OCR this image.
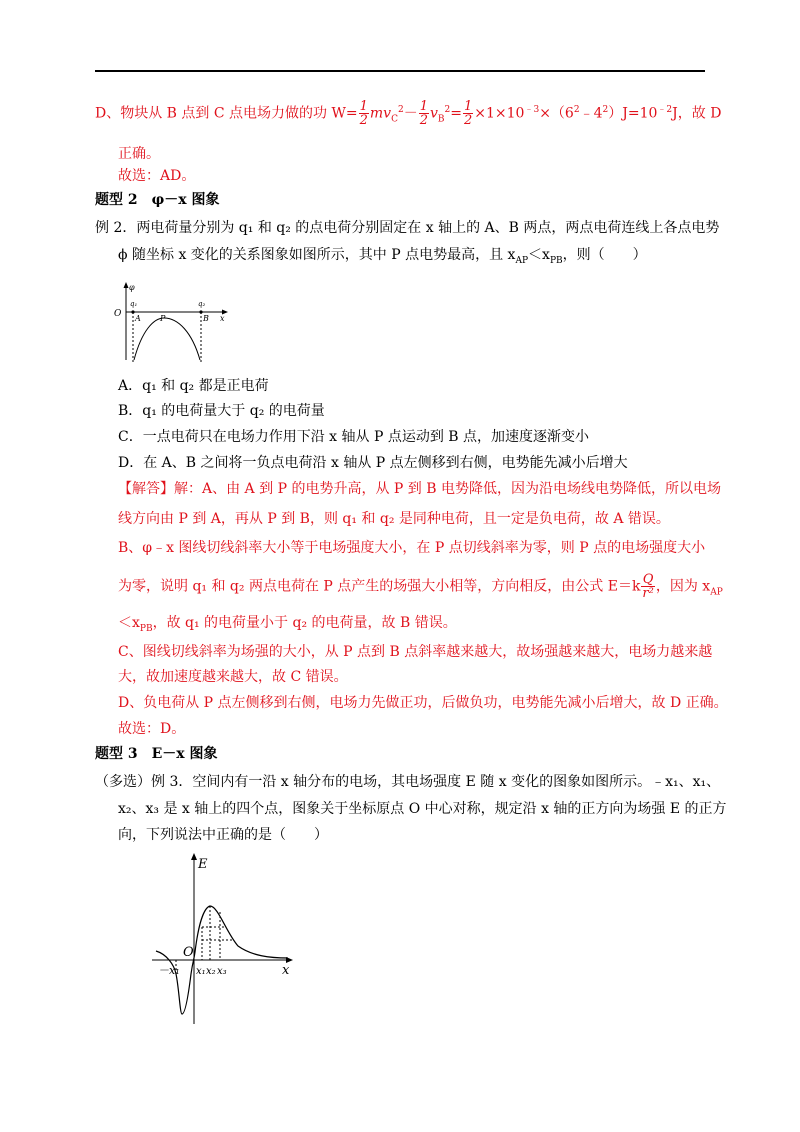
D、物块从 B 点到 C 点电场力做的功 $W= \frac{1}{2} mv_C^2- \frac{1}{2} v_B^2= \frac{1}{2}$ $\times 1\times 10^{﹣3}\times(6^2﹣4^2)J=10^{﹣2}J$，故 D
正确。
故选：AD。
题型 2　φ－x 图象
例 2．两电荷量分别为 q₁ 和 q₂ 的点电荷分别固定在 x 轴上的 A、B 两点，两点电荷连线上各点电势
ϕ 随坐标 x 变化的关系图象如图所示，其中 P 点电势最高，且 $x_{AP}<x_{PB}$，则（　　）
φ
O
q₁	q₂
A P	B x
A．q₁ 和 q₂ 都是正电荷
B．q₁ 的电荷量大于 q₂ 的电荷量
C．一点电荷只在电场力作用下沿 x 轴从 P 点运动到 B 点，加速度逐渐变小
D．在 A、B 之间将一负点电荷沿 x 轴从 P 点左侧移到右侧，电势能先减小后增大
【解答】解：A、由 A 到 P 的电势升高，从 P 到 B 电势降低，因为沿电场线电势降低，所以电场
线方向由 P 到 A，再从 P 到 B，则 q₁ 和 q₂ 是同种电荷，且一定是负电荷，故 A 错误。
B、φ﹣x 图线切线斜率大小等于电场强度大小，在 P 点切线斜率为零，则 P 点的电场强度大小
为零，说明 q₁ 和 q₂ 两点电荷在 P 点产生的场强大小相等，方向相反，由公式 $E=k \frac{Q}{\text{r²}}$ ，因为 $x_{AP}$
$<x_{PB}$，故 q₁ 的电荷量小于 q₂ 的电荷量，故 B 错误。
C、图线切线斜率为场强的大小，从 P 点到 B 点斜率越来越大，故场强越来越大，电场力越来越
大，故加速度越来越大，故 C 错误。
D、负电荷从 P 点左侧移到右侧，电场力先做正功，后做负功，电势能先减小后增大，故 D 正确。
故选：D。
题型 3　E－x 图象
（多选）例 3．空间内有一沿 x 轴分布的电场，其电场强度 E 随 x 变化的图象如图所示。﹣x₁、x₁、
x₂、x₃ 是 x 轴上的四个点，图象关于坐标原点 O 中心对称，规定沿 x 轴的正方向为场强 E 的正方
向，下列说法中正确的是（　　）
E
O
－x₁ x₁ x₂ x₃	x
